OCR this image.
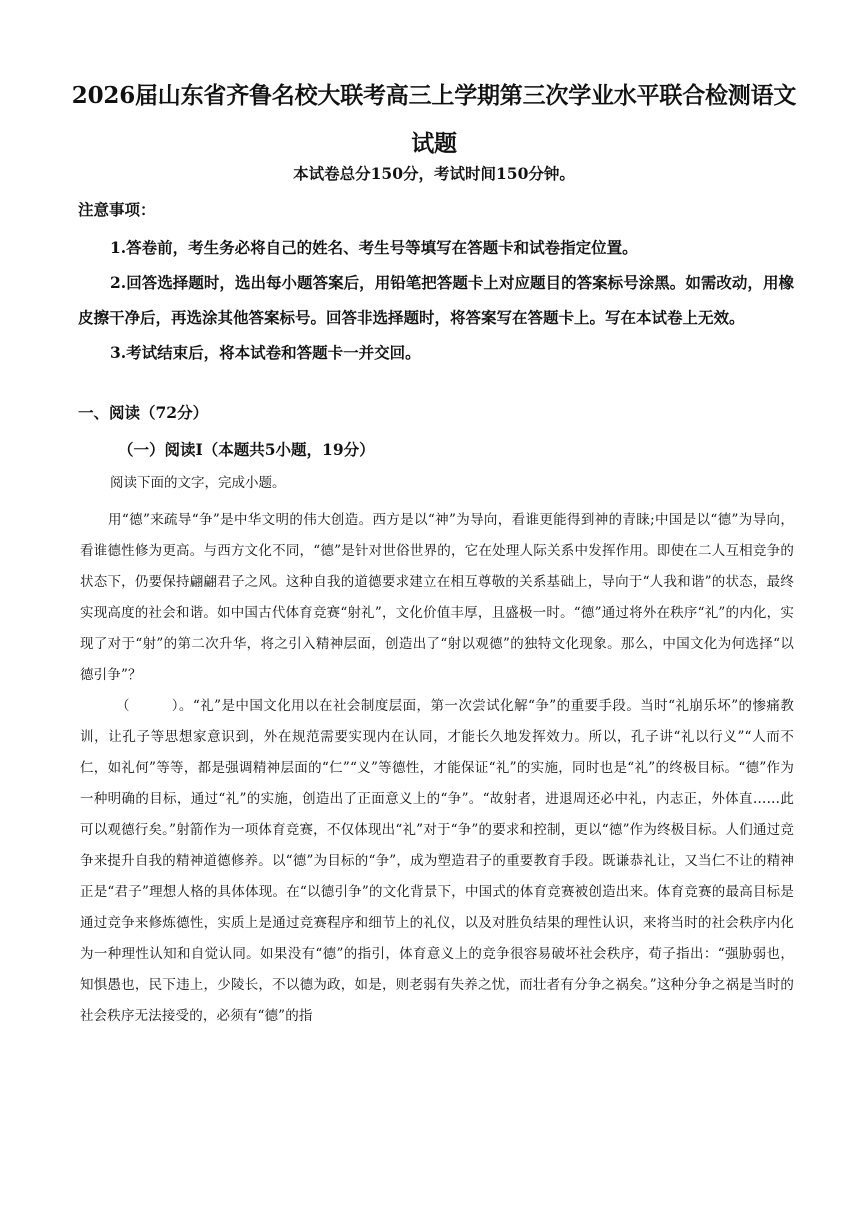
2026届山东省齐鲁名校大联考高三上学期第三次学业水平联合检测语文试题
本试卷总分150分，考试时间150分钟。

注意事项：

1.答卷前，考生务必将自己的姓名、考生号等填写在答题卡和试卷指定位置。
2.回答选择题时，选出每小题答案后，用铅笔把答题卡上对应题目的答案标号涂黑。如需改动，用橡皮擦干净后，再选涂其他答案标号。回答非选择题时，将答案写在答题卡上。写在本试卷上无效。
3.考试结束后，将本试卷和答题卡一并交回。

一、阅读（72分）

（一）阅读Ⅰ（本题共5小题，19分）

阅读下面的文字，完成小题。

用“德”来疏导“争”是中华文明的伟大创造。西方是以“神”为导向，看谁更能得到神的青睐;中国是以“德”为导向，看谁德性修为更高。与西方文化不同，“德”是针对世俗世界的，它在处理人际关系中发挥作用。即使在二人互相竞争的状态下，仍要保持翩翩君子之风。这种自我的道德要求建立在相互尊敬的关系基础上，导向于“人我和谐”的状态，最终实现高度的社会和谐。如中国古代体育竞赛“射礼”，文化价值丰厚，且盛极一时。“德”通过将外在秩序“礼”的内化，实现了对于“射”的第二次升华，将之引入精神层面，创造出了“射以观德”的独特文化现象。那么，中国文化为何选择“以德引争”？

（　　　）。“礼”是中国文化用以在社会制度层面，第一次尝试化解“争”的重要手段。当时“礼崩乐坏”的惨痛教训，让孔子等思想家意识到，外在规范需要实现内在认同，才能长久地发挥效力。所以，孔子讲“礼以行义”“人而不仁，如礼何”等等，都是强调精神层面的“仁”“义”等德性，才能保证“礼”的实施，同时也是“礼”的终极目标。“德”作为一种明确的目标，通过“礼”的实施，创造出了正面意义上的“争”。“故射者，进退周还必中礼，内志正，外体直……此可以观德行矣。”射箭作为一项体育竞赛，不仅体现出“礼”对于“争”的要求和控制，更以“德”作为终极目标。人们通过竞争来提升自我的精神道德修养。以“德”为目标的“争”，成为塑造君子的重要教育手段。既谦恭礼让，又当仁不让的精神正是“君子”理想人格的具体体现。在“以德引争”的文化背景下，中国式的体育竞赛被创造出来。体育竞赛的最高目标是通过竞争来修炼德性，实质上是通过竞赛程序和细节上的礼仪，以及对胜负结果的理性认识，来将当时的社会秩序内化为一种理性认知和自觉认同。如果没有“德”的指引，体育意义上的竞争很容易破坏社会秩序，荀子指出：“强胁弱也，知惧愚也，民下违上，少陵长，不以德为政，如是，则老弱有失养之忧，而壮者有分争之祸矣。”这种分争之祸是当时的社会秩序无法接受的，必须有“德”的指
